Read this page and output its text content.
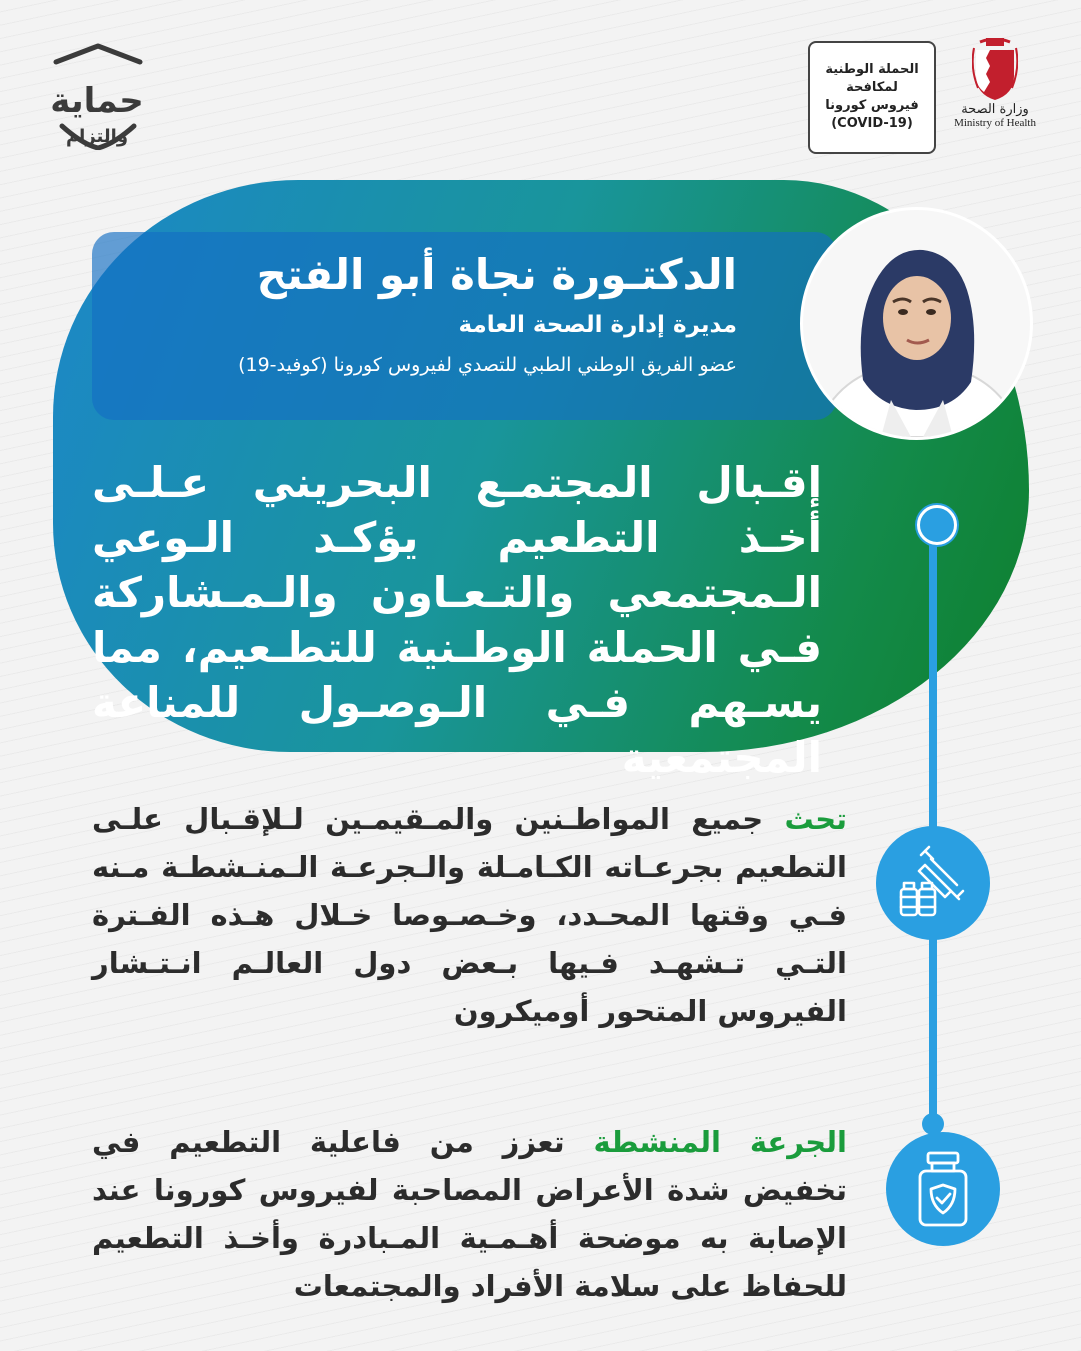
حماية
والتزام
الحملة الوطنية
لمكافحة
فيروس كورونا
(COVID-19)
وزارة الصحة
Ministry of Health
الدكتـورة نجاة أبو الفتح
مديرة إدارة الصحة العامة
عضو الفريق الوطني الطبي للتصدي لفيروس كورونا (كوفيد-19)
إقـبال المجتمـع البحريني عـلـى أخـذ التطعيم يؤكـد الـوعي الـمجتمعي والتـعـاون والـمـشاركة فـي الحملة الوطـنية للتطـعيم، مما يسـهم فـي الـوصـول للمناعة المجتمعية
تحث جميع المواطـنين والمـقيمـين لـلإقـبال علـى التطعيم بجرعـاته الكـامـلة والـجرعـة الـمنـشطـة مـنه فـي وقتها المحـدد، وخـصـوصا خـلال هـذه الفـترة التـي تـشهـد فـيها بـعض دول العالـم انـتـشار الفيروس المتحور أوميكرون
الجرعة المنشطة تعزز من فاعلية التطعيم في تخفيض شدة الأعراض المصاحبة لفيروس كورونا عند الإصابة به موضحة أهـمـية المـبادرة وأخـذ التطعيم للحفاظ على سلامة الأفراد والمجتمعات
